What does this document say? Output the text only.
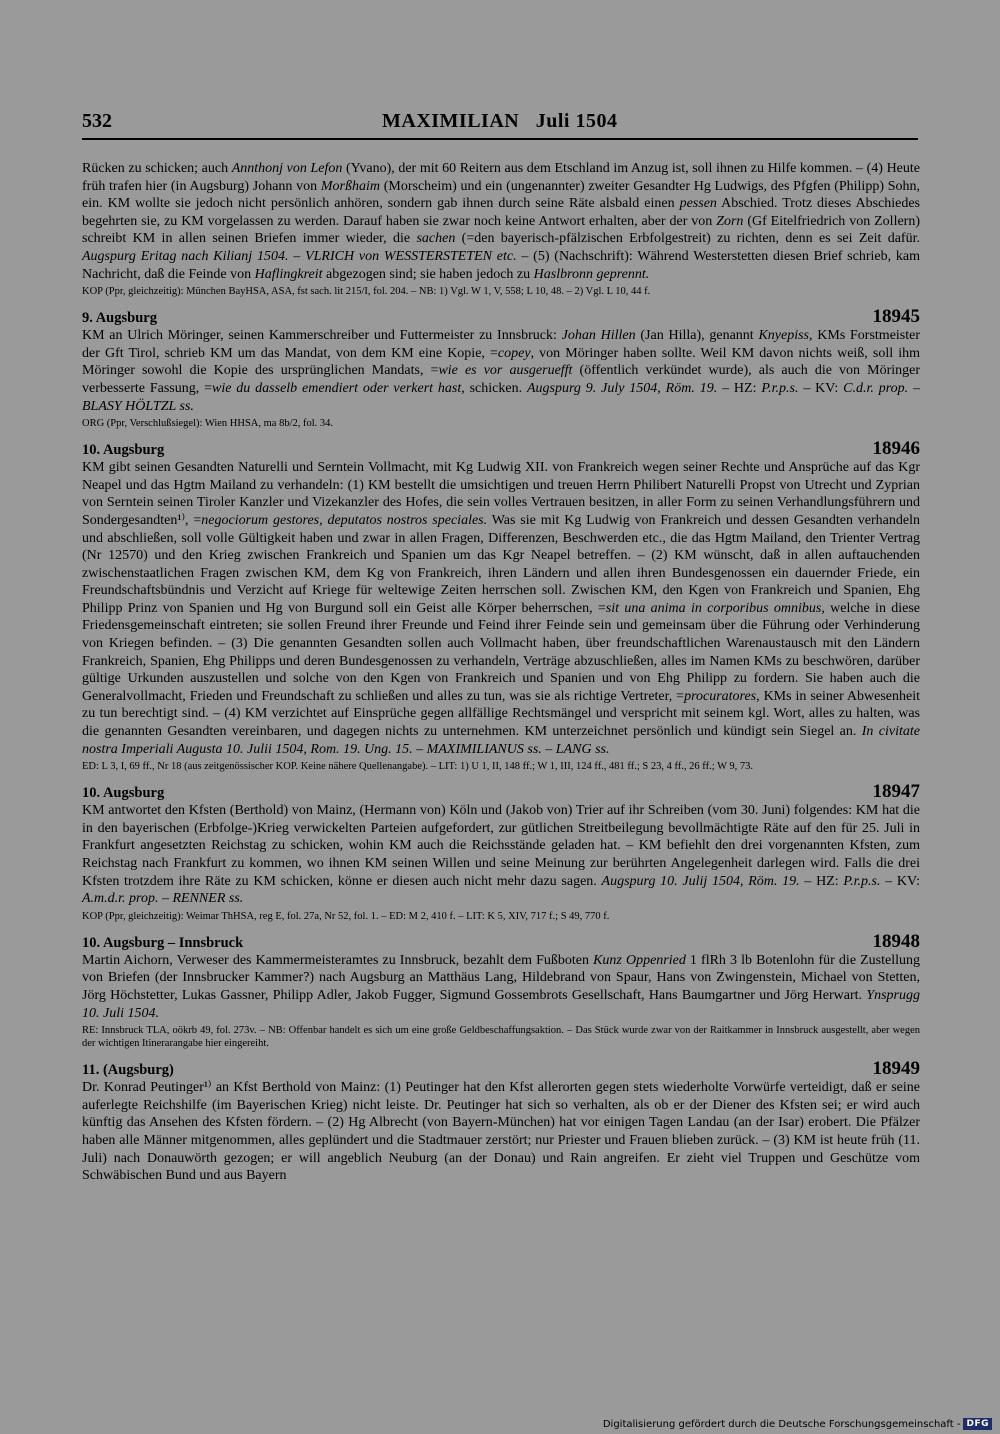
532	MAXIMILIAN   Juli 1504

Rücken zu schicken; auch Annthonj von Lefon (Yvano), der mit 60 Reitern aus dem Etschland im Anzug ist, soll ihnen zu Hilfe kommen. – (4) Heute früh trafen hier (in Augsburg) Johann von Morßhaim (Morscheim) und ein (ungenannter) zweiter Gesandter Hg Ludwigs, des Pfgfen (Philipp) Sohn, ein. KM wollte sie jedoch nicht persönlich anhören, sondern gab ihnen durch seine Räte alsbald einen pessen Abschied. Trotz dieses Abschiedes begehrten sie, zu KM vorgelassen zu werden. Darauf haben sie zwar noch keine Antwort erhalten, aber der von Zorn (Gf Eitelfriedrich von Zollern) schreibt KM in allen seinen Briefen immer wieder, die sachen (=den bayerisch-pfälzischen Erbfolgestreit) zu richten, denn es sei Zeit dafür. Augspurg Eritag nach Kilianj 1504. – VLRICH von WESSTERSTETEN etc. – (5) (Nachschrift): Während Westerstetten diesen Brief schrieb, kam Nachricht, daß die Feinde von Haflingkreit abgezogen sind; sie haben jedoch zu Haslbronn geprennt.

KOP (Ppr, gleichzeitig): München BayHSA, ASA, fst sach. lit 215/I, fol. 204. – NB: 1) Vgl. W 1, V, 558; L 10, 48. – 2) Vgl. L 10, 44 f.

9. Augsburg	18945

KM an Ulrich Möringer, seinen Kammerschreiber und Futtermeister zu Innsbruck: Johan Hillen (Jan Hilla), genannt Knyepiss, KMs Forstmeister der Gft Tirol, schrieb KM um das Mandat, von dem KM eine Kopie, =copey, von Möringer haben sollte. Weil KM davon nichts weiß, soll ihm Möringer sowohl die Kopie des ursprünglichen Mandats, =wie es vor ausgeruefft (öffentlich verkündet wurde), als auch die von Möringer verbesserte Fassung, =wie du dasselb emendiert oder verkert hast, schicken. Augspurg 9. July 1504, Röm. 19. – HZ: P.r.p.s. – KV: C.d.r. prop. – BLASY HÖLTZL ss.

ORG (Ppr, Verschlußsiegel): Wien HHSA, ma 8b/2, fol. 34.

10. Augsburg	18946

KM gibt seinen Gesandten Naturelli und Serntein Vollmacht, mit Kg Ludwig XII. von Frankreich wegen seiner Rechte und Ansprüche auf das Kgr Neapel und das Hgtm Mailand zu verhandeln: (1) KM bestellt die umsichtigen und treuen Herrn Philibert Naturelli Propst von Utrecht und Zyprian von Serntein seinen Tiroler Kanzler und Vizekanzler des Hofes, die sein volles Vertrauen besitzen, in aller Form zu seinen Verhandlungsführern und Sondergesandten¹⁾, =negociorum gestores, deputatos nostros speciales. Was sie mit Kg Ludwig von Frankreich und dessen Gesandten verhandeln und abschließen, soll volle Gültigkeit haben und zwar in allen Fragen, Differenzen, Beschwerden etc., die das Hgtm Mailand, den Trienter Vertrag (Nr 12570) und den Krieg zwischen Frankreich und Spanien um das Kgr Neapel betreffen. – (2) KM wünscht, daß in allen auftauchenden zwischenstaatlichen Fragen zwischen KM, dem Kg von Frankreich, ihren Ländern und allen ihren Bundesgenossen ein dauernder Friede, ein Freundschaftsbündnis und Verzicht auf Kriege für weltewige Zeiten herrschen soll. Zwischen KM, den Kgen von Frankreich und Spanien, Ehg Philipp Prinz von Spanien und Hg von Burgund soll ein Geist alle Körper beherrschen, =sit una anima in corporibus omnibus, welche in diese Friedensgemeinschaft eintreten; sie sollen Freund ihrer Freunde und Feind ihrer Feinde sein und gemeinsam über die Führung oder Verhinderung von Kriegen befinden. – (3) Die genannten Gesandten sollen auch Vollmacht haben, über freundschaftlichen Warenaustausch mit den Ländern Frankreich, Spanien, Ehg Philipps und deren Bundesgenossen zu verhandeln, Verträge abzuschließen, alles im Namen KMs zu beschwören, darüber gültige Urkunden auszustellen und solche von den Kgen von Frankreich und Spanien und von Ehg Philipp zu fordern. Sie haben auch die Generalvollmacht, Frieden und Freundschaft zu schließen und alles zu tun, was sie als richtige Vertreter, =procuratores, KMs in seiner Abwesenheit zu tun berechtigt sind. – (4) KM verzichtet auf Einsprüche gegen allfällige Rechtsmängel und verspricht mit seinem kgl. Wort, alles zu halten, was die genannten Gesandten vereinbaren, und dagegen nichts zu unternehmen. KM unterzeichnet persönlich und kündigt sein Siegel an. In civitate nostra Imperiali Augusta 10. Julii 1504, Rom. 19. Ung. 15. – MAXIMILIANUS ss. – LANG ss.

ED: L 3, I, 69 ff., Nr 18 (aus zeitgenössischer KOP. Keine nähere Quellenangabe). – LIT: 1) U 1, II, 148 ff.; W 1, III, 124 ff., 481 ff.; S 23, 4 ff., 26 ff.; W 9, 73.

10. Augsburg	18947

KM antwortet den Kfsten (Berthold) von Mainz, (Hermann von) Köln und (Jakob von) Trier auf ihr Schreiben (vom 30. Juni) folgendes: KM hat die in den bayerischen (Erbfolge-)Krieg verwickelten Parteien aufgefordert, zur gütlichen Streitbeilegung bevollmächtigte Räte auf den für 25. Juli in Frankfurt angesetzten Reichstag zu schicken, wohin KM auch die Reichsstände geladen hat. – KM befiehlt den drei vorgenannten Kfsten, zum Reichstag nach Frankfurt zu kommen, wo ihnen KM seinen Willen und seine Meinung zur berührten Angelegenheit darlegen wird. Falls die drei Kfsten trotzdem ihre Räte zu KM schicken, könne er diesen auch nicht mehr dazu sagen. Augspurg 10. Julij 1504, Röm. 19. – HZ: P.r.p.s. – KV: A.m.d.r. prop. – RENNER ss.

KOP (Ppr, gleichzeitig): Weimar ThHSA, reg E, fol. 27a, Nr 52, fol. 1. – ED: M 2, 410 f. – LIT: K 5, XIV, 717 f.; S 49, 770 f.

10. Augsburg – Innsbruck	18948

Martin Aichorn, Verweser des Kammermeisteramtes zu Innsbruck, bezahlt dem Fußboten Kunz Oppenried 1 flRh 3 lb Botenlohn für die Zustellung von Briefen (der Innsbrucker Kammer?) nach Augsburg an Matthäus Lang, Hildebrand von Spaur, Hans von Zwingenstein, Michael von Stetten, Jörg Höchstetter, Lukas Gassner, Philipp Adler, Jakob Fugger, Sigmund Gossembrots Gesellschaft, Hans Baumgartner und Jörg Herwart. Ynsprugg 10. Juli 1504.

RE: Innsbruck TLA, oökrb 49, fol. 273v. – NB: Offenbar handelt es sich um eine große Geldbeschaffungsaktion. – Das Stück wurde zwar von der Raitkammer in Innsbruck ausgestellt, aber wegen der wichtigen Itinerarangabe hier eingereiht.

11. (Augsburg)	18949

Dr. Konrad Peutinger¹⁾ an Kfst Berthold von Mainz: (1) Peutinger hat den Kfst allerorten gegen stets wiederholte Vorwürfe verteidigt, daß er seine auferlegte Reichshilfe (im Bayerischen Krieg) nicht leiste. Dr. Peutinger hat sich so verhalten, als ob er der Diener des Kfsten sei; er wird auch künftig das Ansehen des Kfsten fördern. – (2) Hg Albrecht (von Bayern-München) hat vor einigen Tagen Landau (an der Isar) erobert. Die Pfälzer haben alle Männer mitgenommen, alles geplündert und die Stadtmauer zerstört; nur Priester und Frauen blieben zurück. – (3) KM ist heute früh (11. Juli) nach Donauwörth gezogen; er will angeblich Neuburg (an der Donau) und Rain angreifen. Er zieht viel Truppen und Geschütze vom Schwäbischen Bund und aus Bayern

Digitalisierung gefördert durch die Deutsche Forschungsgemeinschaft - DFG
